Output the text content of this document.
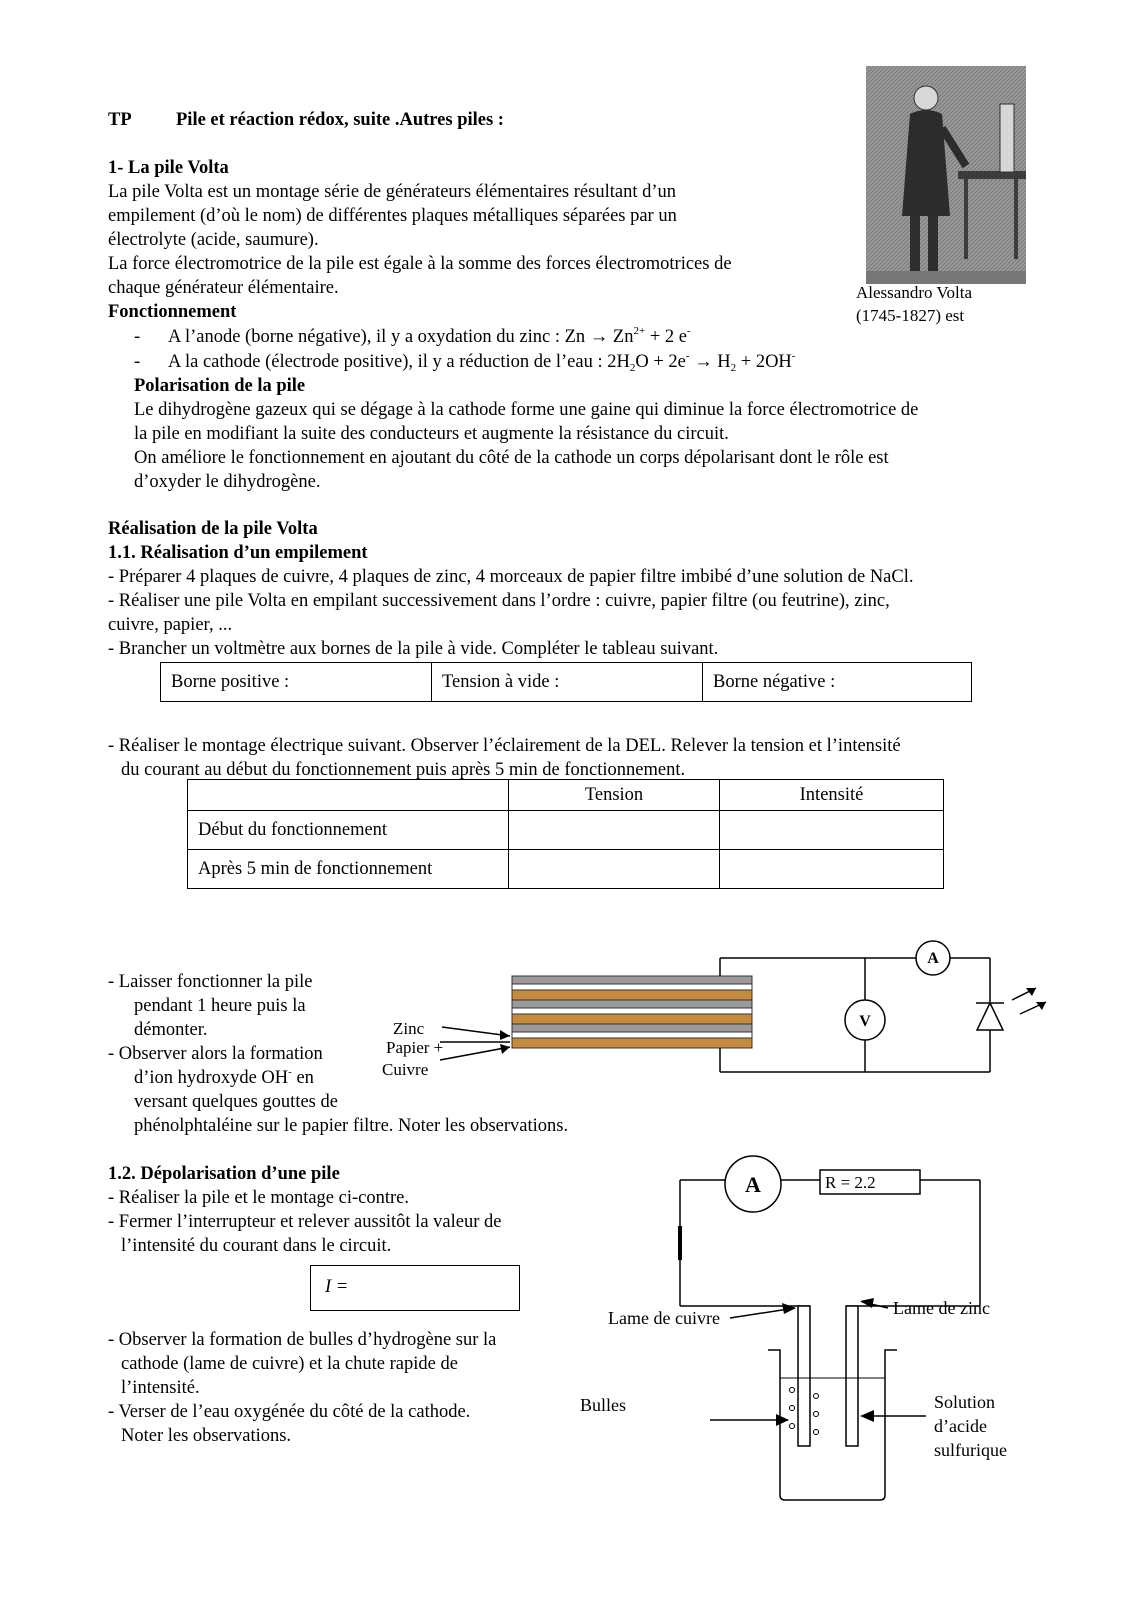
TP Pile et réaction rédox, suite .Autres piles :
Alessandro Volta
(1745-1827) est
1- La pile Volta
La pile Volta est un montage série de générateurs élémentaires résultant d’un
empilement (d’où le nom) de différentes plaques métalliques séparées par un
électrolyte (acide, saumure).
La force électromotrice de la pile est égale à la somme des forces électromotrices de
chaque générateur élémentaire.
Fonctionnement
- A l’anode (borne négative), il y a oxydation du zinc : $Zn \to Zn^{2+} + 2$ e-
- A la cathode (électrode positive), il y a réduction de l’eau : $2H_2O + 2e^- \to H_2 + 2OH^-$
Polarisation de la pile
Le dihydrogène gazeux qui se dégage à la cathode forme une gaine qui diminue la force électromotrice de
la pile en modifiant la suite des conducteurs et augmente la résistance du circuit.
On améliore le fonctionnement en ajoutant du côté de la cathode un corps dépolarisant dont le rôle est
d’oxyder le dihydrogène.
Réalisation de la pile Volta
1.1. Réalisation d’un empilement
- Préparer 4 plaques de cuivre, 4 plaques de zinc, 4 morceaux de papier filtre imbibé d’une solution de NaCl.
- Réaliser une pile Volta en empilant successivement dans l’ordre : cuivre, papier filtre (ou feutrine), zinc,
cuivre, papier, ...
- Brancher un voltmètre aux bornes de la pile à vide. Compléter le tableau suivant.
Borne positive :	Tension à vide :	Borne négative :
- Réaliser le montage électrique suivant. Observer l’éclairement de la DEL. Relever la tension et l’intensité
du courant au début du fonctionnement puis après 5 min de fonctionnement.
	Tension	Intensité
Début du fonctionnement		
Après 5 min de fonctionnement		
- Laisser fonctionner la pile
pendant 1 heure puis la
démonter.
- Observer alors la formation
d’ion hydroxyde OH- en
versant quelques gouttes de
phénolphtaléine sur le papier filtre. Noter les observations.
A
V
Zinc
Papier +
Cuivre
1.2. Dépolarisation d’une pile
- Réaliser la pile et le montage ci-contre.
- Fermer l’interrupteur et relever aussitôt la valeur de
l’intensité du courant dans le circuit.
I =
- Observer la formation de bulles d’hydrogène sur la
cathode (lame de cuivre) et la chute rapide de
l’intensité.
- Verser de l’eau oxygénée du côté de la cathode.
Noter les observations.
A	R = 2.2
Lame de cuivre	Lame de zinc
Bulles	Solution
d’acide
sulfurique
